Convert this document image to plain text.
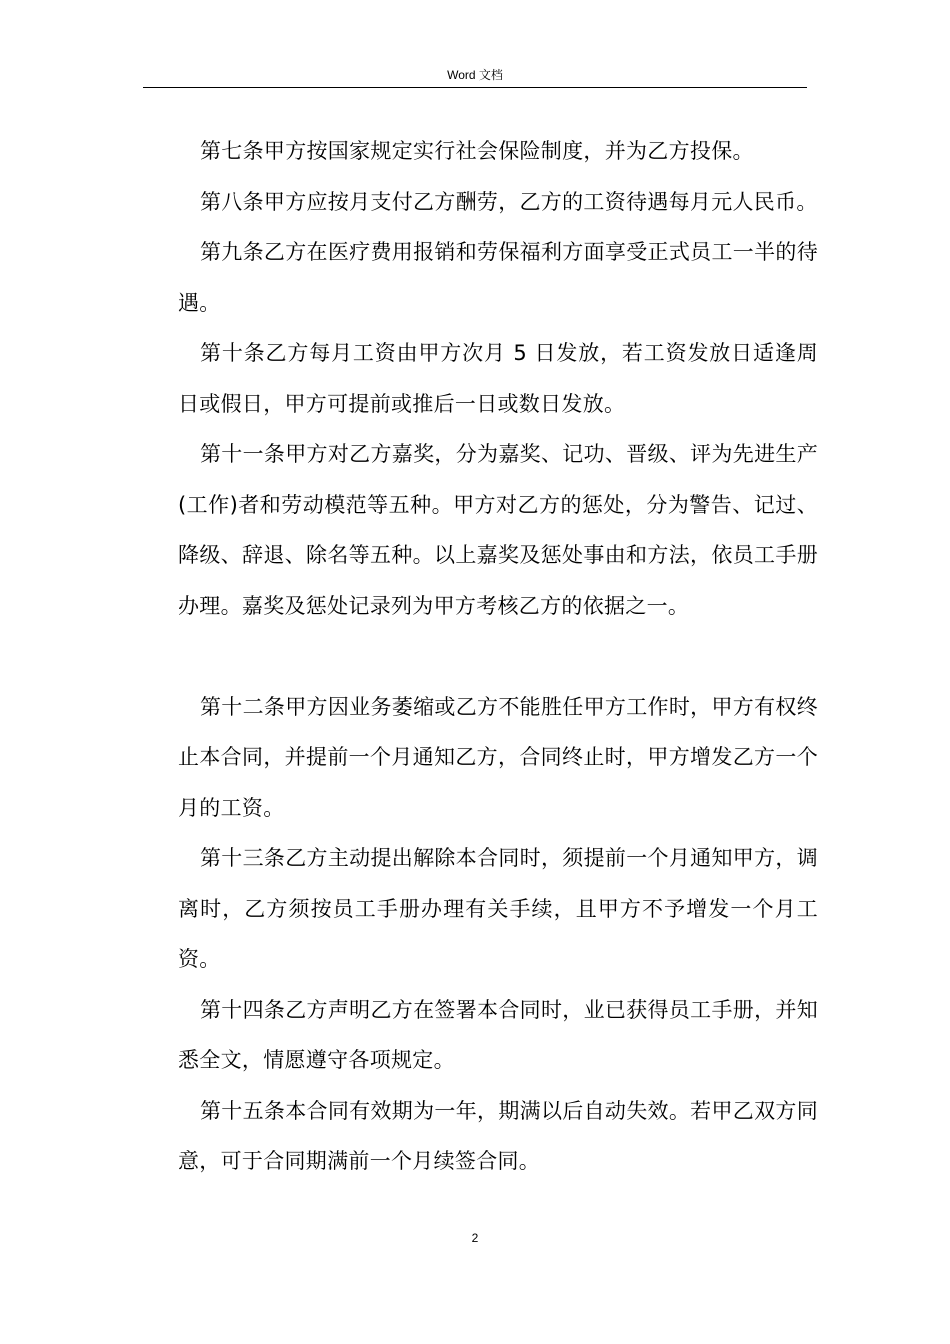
Word 文档

第七条甲方按国家规定实行社会保险制度，并为乙方投保。

第八条甲方应按月支付乙方酬劳，乙方的工资待遇每月元人民币。

第九条乙方在医疗费用报销和劳保福利方面享受正式员工一半的待遇。

第十条乙方每月工资由甲方次月 5 日发放，若工资发放日适逢周日或假日，甲方可提前或推后一日或数日发放。

第十一条甲方对乙方嘉奖，分为嘉奖、记功、晋级、评为先进生产(工作)者和劳动模范等五种。甲方对乙方的惩处，分为警告、记过、降级、辞退、除名等五种。以上嘉奖及惩处事由和方法，依员工手册办理。嘉奖及惩处记录列为甲方考核乙方的依据之一。

第十二条甲方因业务萎缩或乙方不能胜任甲方工作时，甲方有权终止本合同，并提前一个月通知乙方，合同终止时，甲方增发乙方一个月的工资。

第十三条乙方主动提出解除本合同时，须提前一个月通知甲方，调离时，乙方须按员工手册办理有关手续，且甲方不予增发一个月工资。

第十四条乙方声明乙方在签署本合同时，业已获得员工手册，并知悉全文，情愿遵守各项规定。

第十五条本合同有效期为一年，期满以后自动失效。若甲乙双方同意，可于合同期满前一个月续签合同。

2
